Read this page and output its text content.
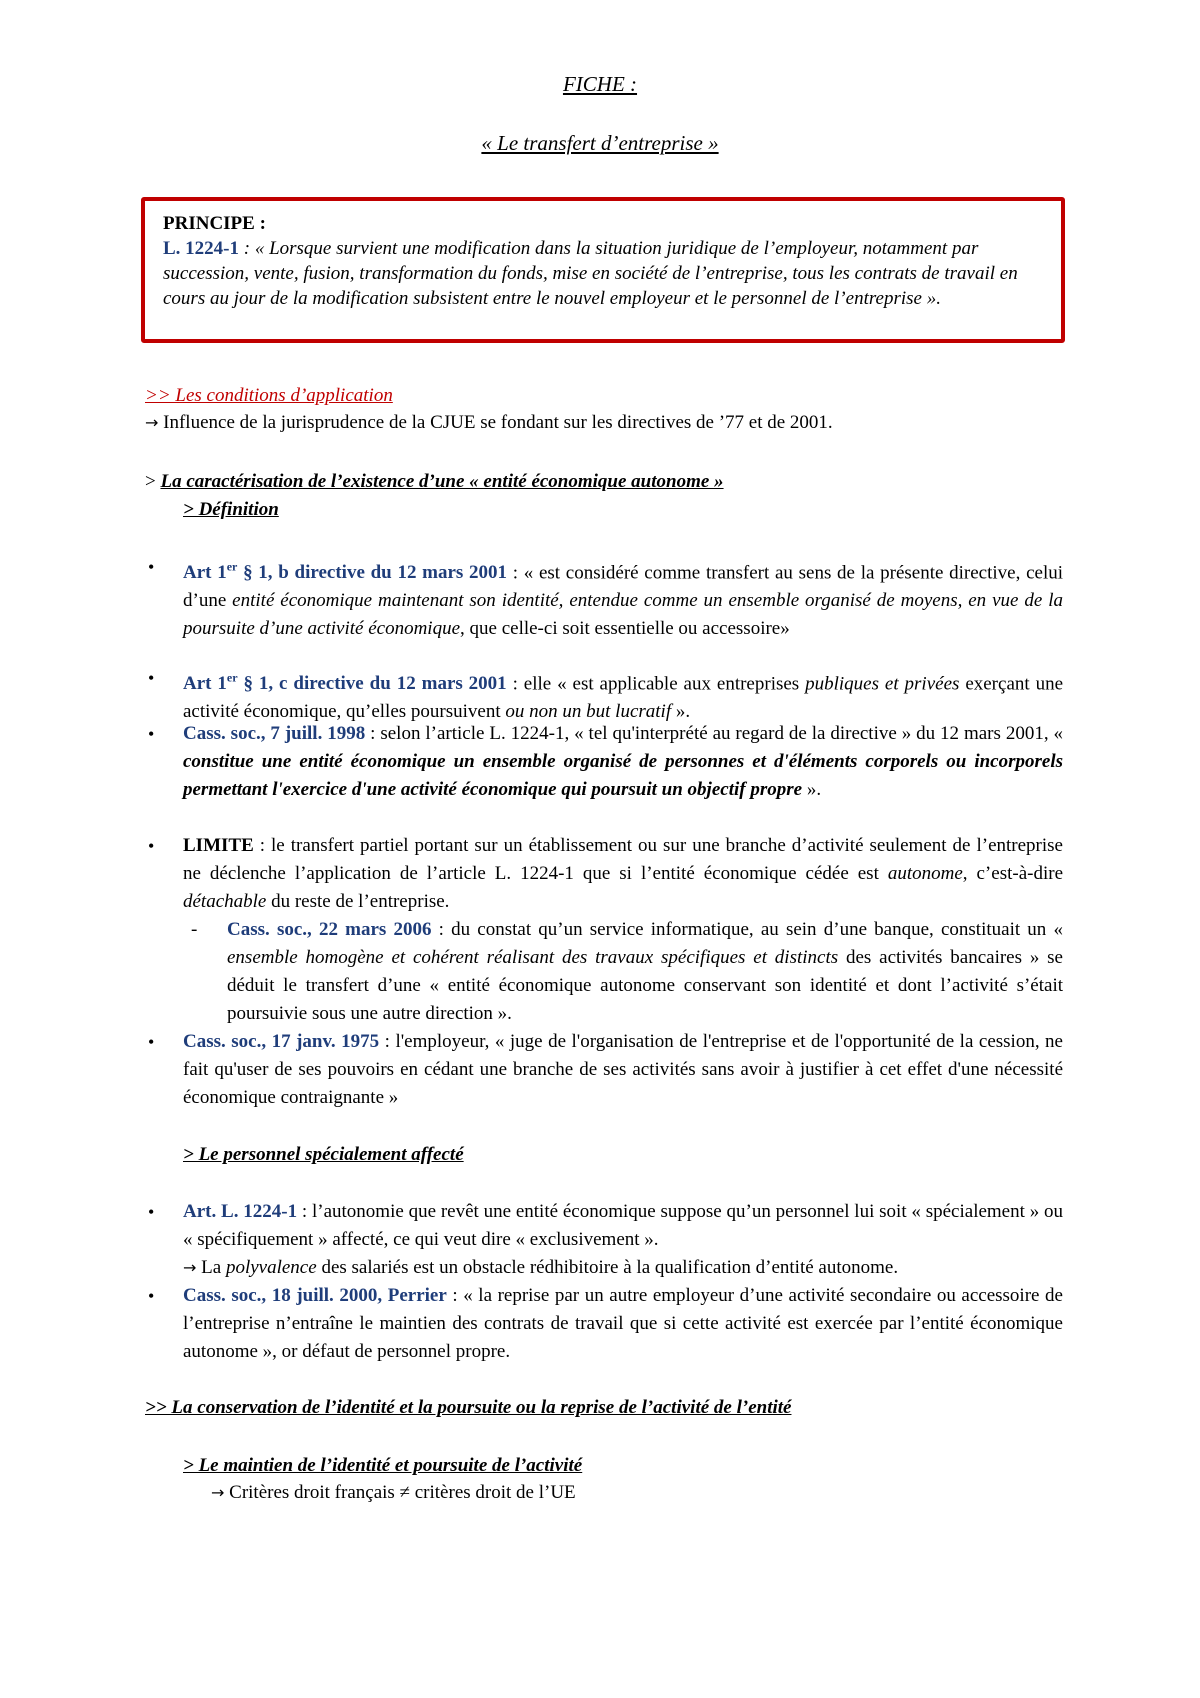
FICHE :
« Le transfert d’entreprise »
PRINCIPE :
L. 1224-1 : « Lorsque survient une modification dans la situation juridique de l’employeur, notamment par succession, vente, fusion, transformation du fonds, mise en société de l’entreprise, tous les contrats de travail en cours au jour de la modification subsistent entre le nouvel employeur et le personnel de l’entreprise ».
>> Les conditions d’application
→ Influence de la jurisprudence de la CJUE se fondant sur les directives de ’77 et de 2001.
> La caractérisation de l’existence d’une « entité économique autonome »
> Définition
• Art 1er § 1, b directive du 12 mars 2001 : « est considéré comme transfert au sens de la présente directive, celui d’une entité économique maintenant son identité, entendue comme un ensemble organisé de moyens, en vue de la poursuite d’une activité économique, que celle-ci soit essentielle ou accessoire»
• Art 1er § 1, c directive du 12 mars 2001 : elle « est applicable aux entreprises publiques et privées exerçant une activité économique, qu’elles poursuivent ou non un but lucratif ».
• Cass. soc., 7 juill. 1998 : selon l’article L. 1224-1, « tel qu'interprété au regard de la directive » du 12 mars 2001, « constitue une entité économique un ensemble organisé de personnes et d'éléments corporels ou incorporels permettant l'exercice d'une activité économique qui poursuit un objectif propre ».
• LIMITE : le transfert partiel portant sur un établissement ou sur une branche d’activité seulement de l’entreprise ne déclenche l’application de l’article L. 1224-1 que si l’entité économique cédée est autonome, c’est-à-dire détachable du reste de l’entreprise.
- Cass. soc., 22 mars 2006 : du constat qu’un service informatique, au sein d’une banque, constituait un « ensemble homogène et cohérent réalisant des travaux spécifiques et distincts des activités bancaires » se déduit le transfert d’une « entité économique autonome conservant son identité et dont l’activité s’était poursuivie sous une autre direction ».
• Cass. soc., 17 janv. 1975 : l'employeur, « juge de l'organisation de l'entreprise et de l'opportunité de la cession, ne fait qu'user de ses pouvoirs en cédant une branche de ses activités sans avoir à justifier à cet effet d'une nécessité économique contraignante »
> Le personnel spécialement affecté
• Art. L. 1224-1 : l’autonomie que revêt une entité économique suppose qu’un personnel lui soit « spécialement » ou « spécifiquement » affecté, ce qui veut dire « exclusivement ».
→ La polyvalence des salariés est un obstacle rédhibitoire à la qualification d’entité autonome.
• Cass. soc., 18 juill. 2000, Perrier : « la reprise par un autre employeur d’une activité secondaire ou accessoire de l’entreprise n’entraîne le maintien des contrats de travail que si cette activité est exercée par l’entité économique autonome », or défaut de personnel propre.
>> La conservation de l’identité et la poursuite ou la reprise de l’activité de l’entité
> Le maintien de l’identité et poursuite de l’activité
→ Critères droit français ≠ critères droit de l’UE
